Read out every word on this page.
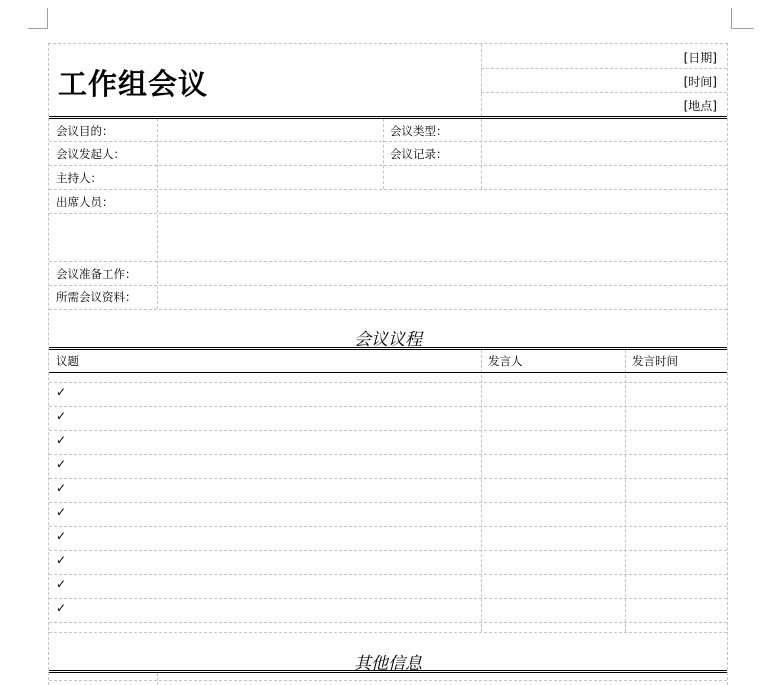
工作组会议
[日期]
[时间]
[地点]
会议目的：	会议类型：
会议发起人：	会议记录：
主持人：
出席人员：
会议准备工作：
所需会议资料：
会议议程
议题	发言人	发言时间
✓
✓
✓
✓
✓
✓
✓
✓
✓
✓
其他信息
